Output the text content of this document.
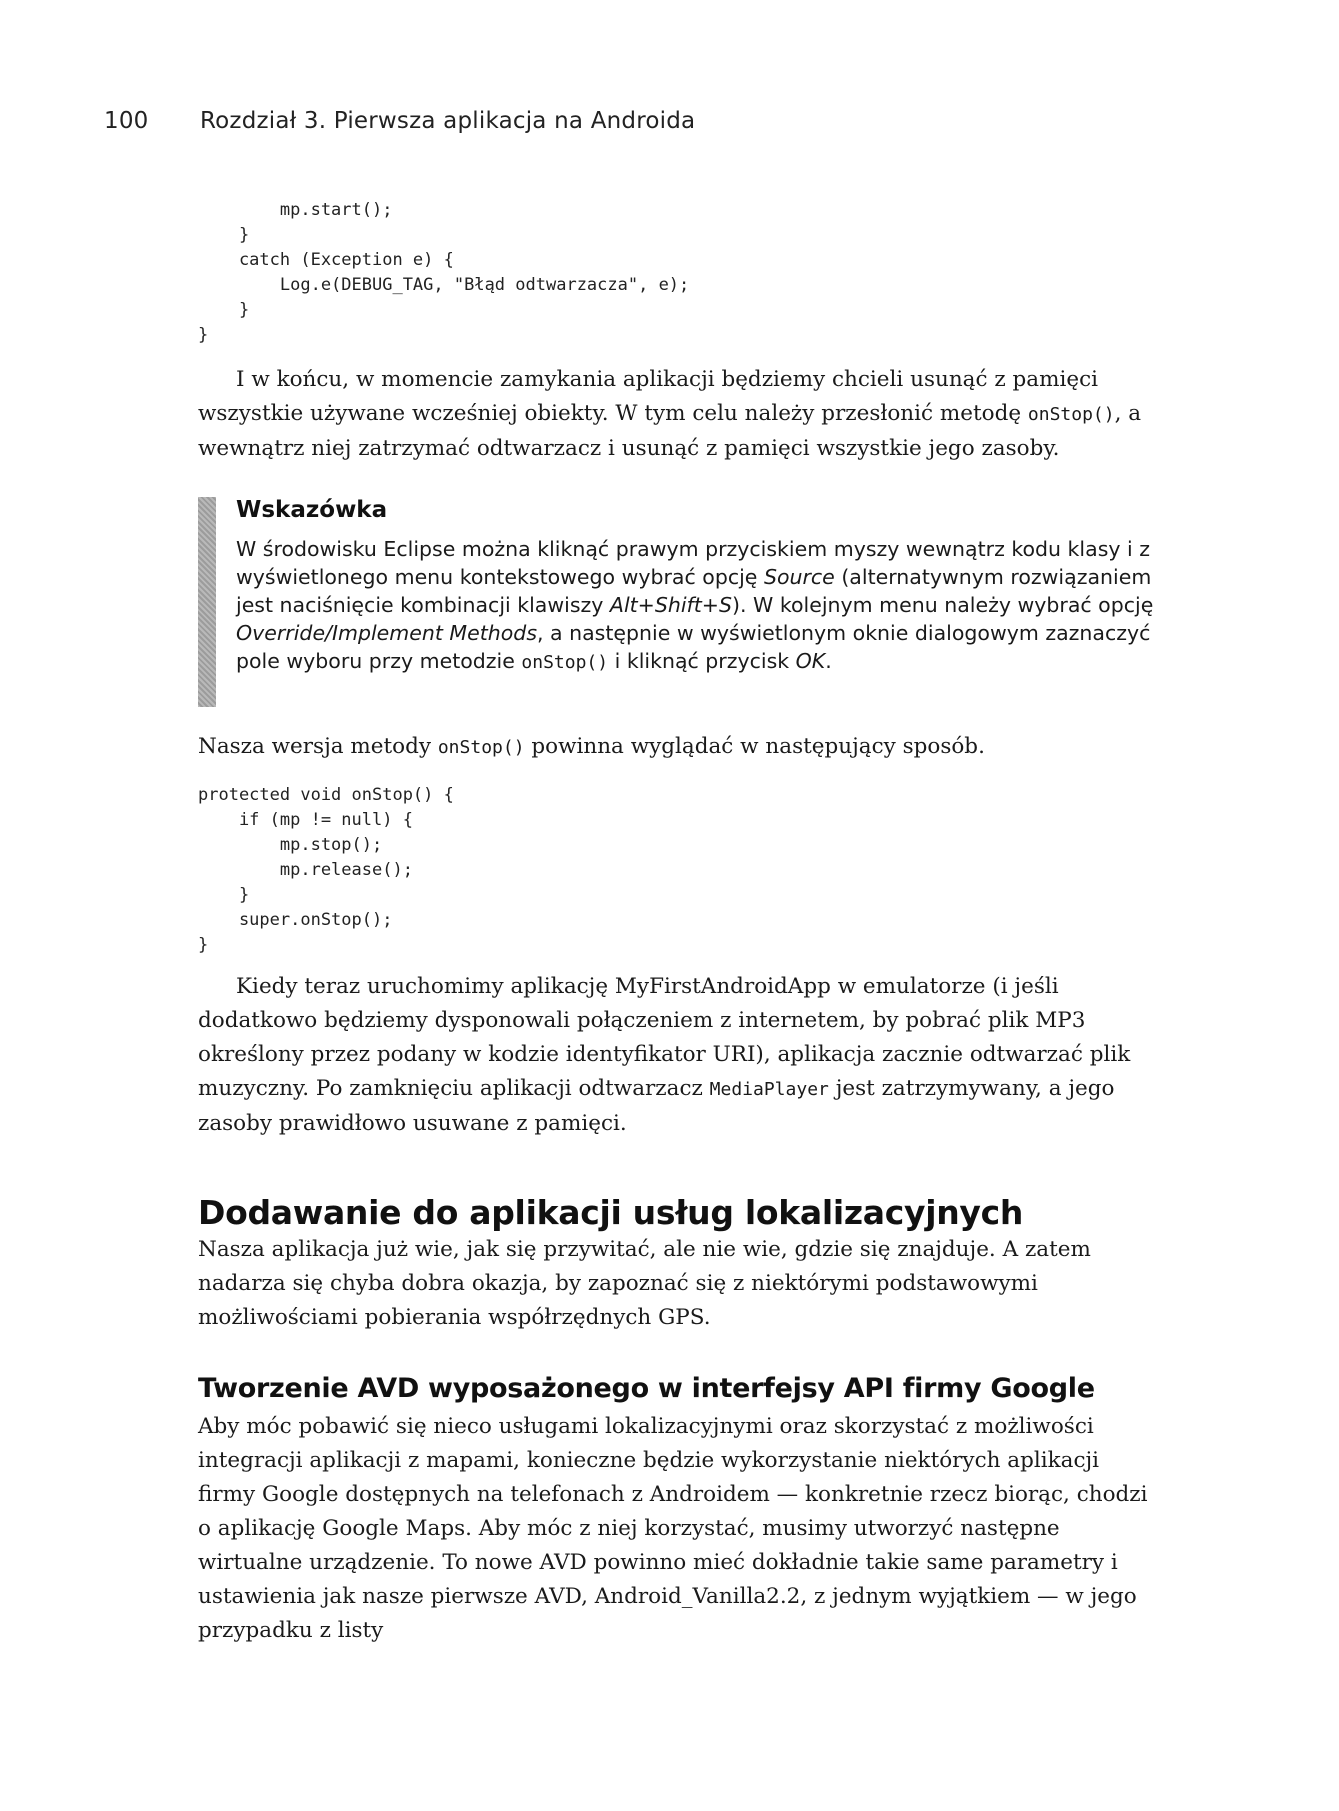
100 Rozdział 3. Pierwsza aplikacja na Androida
mp.start();
}
catch (Exception e) {
Log.e(DEBUG_TAG, "Błąd odtwarzacza", e);
}
}

I w końcu, w momencie zamykania aplikacji będziemy chcieli usunąć z pamięci wszystkie używane wcześniej obiekty. W tym celu należy przesłonić metodę onStop(), a wewnątrz niej zatrzymać odtwarzacz i usunąć z pamięci wszystkie jego zasoby.

Wskazówka
W środowisku Eclipse można kliknąć prawym przyciskiem myszy wewnątrz kodu klasy i z wyświetlonego menu kontekstowego wybrać opcję Source (alternatywnym rozwiązaniem jest naciśnięcie kombinacji klawiszy Alt+Shift+S). W kolejnym menu należy wybrać opcję Override/Implement Methods, a następnie w wyświetlonym oknie dialogowym zaznaczyć pole wyboru przy metodzie onStop() i kliknąć przycisk OK.

Nasza wersja metody onStop() powinna wyglądać w następujący sposób.

protected void onStop() {
if (mp != null) {
mp.stop();
mp.release();
}
super.onStop();
}

Kiedy teraz uruchomimy aplikację MyFirstAndroidApp w emulatorze (i jeśli dodatkowo będziemy dysponowali połączeniem z internetem, by pobrać plik MP3 określony przez podany w kodzie identyfikator URI), aplikacja zacznie odtwarzać plik muzyczny. Po zamknięciu aplikacji odtwarzacz MediaPlayer jest zatrzymywany, a jego zasoby prawidłowo usuwane z pamięci.

Dodawanie do aplikacji usług lokalizacyjnych

Nasza aplikacja już wie, jak się przywitać, ale nie wie, gdzie się znajduje. A zatem nadarza się chyba dobra okazja, by zapoznać się z niektórymi podstawowymi możliwościami pobierania współrzędnych GPS.

Tworzenie AVD wyposażonego w interfejsy API firmy Google

Aby móc pobawić się nieco usługami lokalizacyjnymi oraz skorzystać z możliwości integracji aplikacji z mapami, konieczne będzie wykorzystanie niektórych aplikacji firmy Google dostępnych na telefonach z Androidem — konkretnie rzecz biorąc, chodzi o aplikację Google Maps. Aby móc z niej korzystać, musimy utworzyć następne wirtualne urządzenie. To nowe AVD powinno mieć dokładnie takie same parametry i ustawienia jak nasze pierwsze AVD, Android_Vanilla2.2, z jednym wyjątkiem — w jego przypadku z listy
